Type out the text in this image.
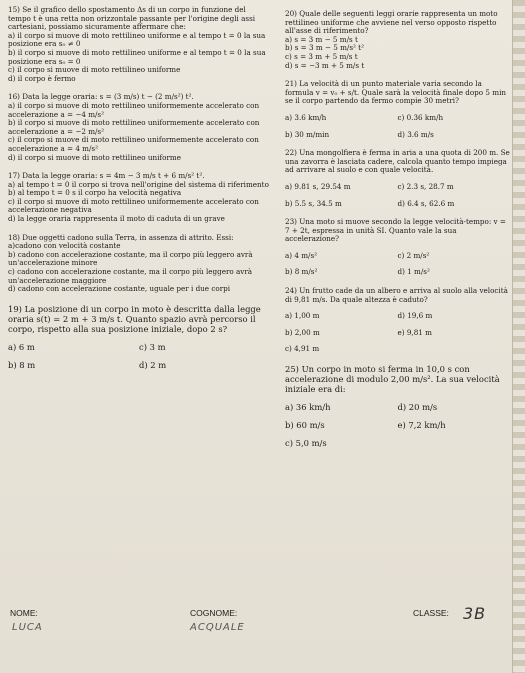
15) Se il grafico dello spostamento Δs di un corpo in funzione del tempo t è una retta non orizzontale passante per l'origine degli assi cartesiani, possiamo sicuramente affermare che:

a) il corpo si muove di moto rettilineo uniforme e al tempo t = 0 la sua posizione era s₀ ≠ 0

b) il corpo si muove di moto rettilineo uniforme e al tempo t = 0 la sua posizione era s₀ = 0

c) il corpo si muove di moto rettilineo uniforme

d) il corpo è fermo

16) Data la legge oraria: s = (3 m/s) t − (2 m/s²) t².

a) il corpo si muove di moto rettilineo uniformemente accelerato con accelerazione a = −4 m/s²

b) il corpo si muove di moto rettilineo uniformemente accelerato con accelerazione a = −2 m/s²

c) il corpo si muove di moto rettilineo uniformemente accelerato con accelerazione a = 4 m/s²

d) il corpo si muove di moto rettilineo uniforme

17) Data la legge oraria: s = 4m − 3 m/s t + 6 m/s² t².

a) al tempo t = 0 il corpo si trova nell'origine del sistema di riferimento

b) al tempo t = 0 s il corpo ha velocità negativa

c) il corpo si muove di moto rettilineo uniformemente accelerato con accelerazione negativa

d) la legge oraria rappresenta il moto di caduta di un grave

18) Due oggetti cadono sulla Terra, in assenza di attrito. Essi:

a)cadono con velocità costante

b) cadono con accelerazione costante, ma il corpo più leggero avrà un'accelerazione minore

c) cadono con accelerazione costante, ma il corpo più leggero avrà un'accelerazione maggiore

d) cadono con accelerazione costante, uguale per i due corpi

19) La posizione di un corpo in moto è descritta dalla legge oraria s(t) = 2 m + 3 m/s t. Quanto spazio avrà percorso il corpo, rispetto alla sua posizione iniziale, dopo 2 s?

a) 6 m	c) 3 m
b) 8 m	d) 2 m

20) Quale delle seguenti leggi orarie rappresenta un moto rettilineo uniforme che avviene nel verso opposto rispetto all'asse di riferimento?

a) s = 3 m − 5 m/s t

b) s = 3 m − 5 m/s² t²

c) s = 3 m + 5 m/s t

d) s = −3 m + 5 m/s t

21) La velocità di un punto materiale varia secondo la formula v = v₀ + s/t. Quale sarà la velocità finale dopo 5 min se il corpo partendo da fermo compie 30 metri?

a) 3.6 km/h	c) 0.36 km/h
b) 30 m/min	d) 3.6 m/s

22) Una mongolfiera è ferma in aria a una quota di 200 m. Se una zavorra è lasciata cadere, calcola quanto tempo impiega ad arrivare al suolo e con quale velocità.

a) 9.81 s, 29.54 m	c) 2.3 s, 28.7 m
b) 5.5 s, 34.5 m	d) 6.4 s, 62.6 m

23) Una moto si muove secondo la legge velocità-tempo: v = 7 + 2t, espressa in unità SI. Quanto vale la sua accelerazione?

a) 4 m/s²	c) 2 m/s²
b) 8 m/s²	d) 1 m/s²

24) Un frutto cade da un albero e arriva al suolo alla velocità di 9,81 m/s. Da quale altezza è caduto?

a) 1,00 m	d) 19,6 m
b) 2,00 m	e) 9,81 m
c) 4,91 m

25) Un corpo in moto si ferma in 10,0 s con accelerazione di modulo 2,00 m/s². La sua velocità iniziale era di:

a) 36 km/h	d) 20 m/s
b) 60 m/s	e) 7,2 km/h
c) 5,0 m/s
NOME:
LUCA
COGNOME:
ACQUALE
CLASSE: 3B
